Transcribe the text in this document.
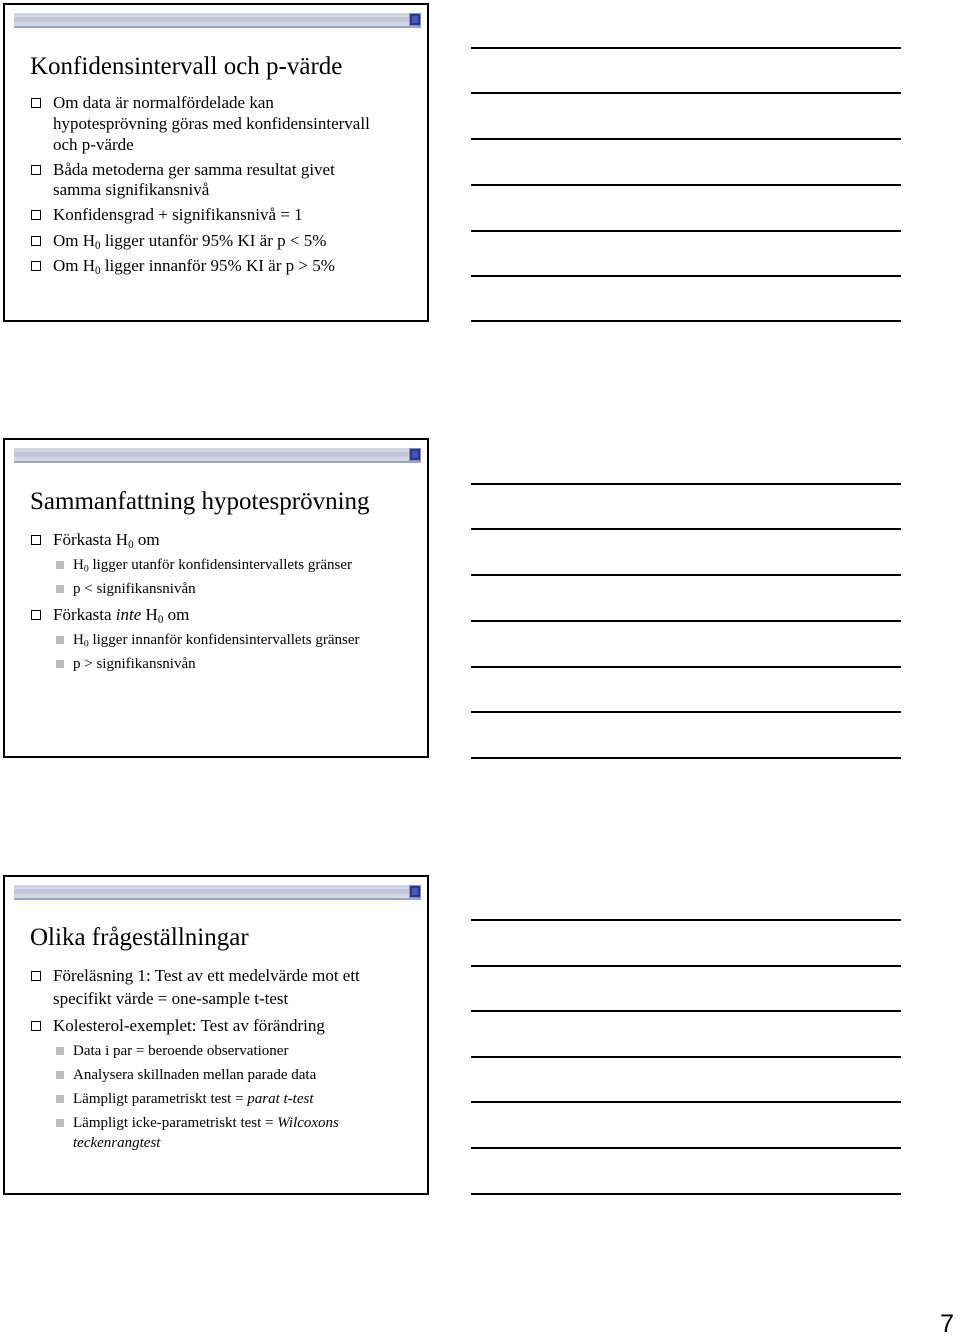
Konfidensintervall och p-värde
Om data är normalfördelade kan
hypotesprövning göras med konfidensintervall
och p-värde
Båda metoderna ger samma resultat givet
samma signifikansnivå
Konfidensgrad + signifikansnivå = 1
Om $H_0$ ligger utanför 95% KI är p < 5%
Om $H_0$ ligger innanför 95% KI är p > 5%
Sammanfattning hypotesprövning
Förkasta $H_0$ om
$H_0$ ligger utanför konfidensintervallets gränser
p < signifikansnivån
Förkasta inte $H_0$ om
$H_0$ ligger innanför konfidensintervallets gränser
p > signifikansnivån
Olika frågeställningar
Föreläsning 1: Test av ett medelvärde mot ett
specifikt värde = one-sample t-test
Kolesterol-exemplet: Test av förändring
Data i par = beroende observationer
Analysera skillnaden mellan parade data
Lämpligt parametriskt test = parat t-test
Lämpligt icke-parametriskt test = Wilcoxons
teckenrangtest
7
